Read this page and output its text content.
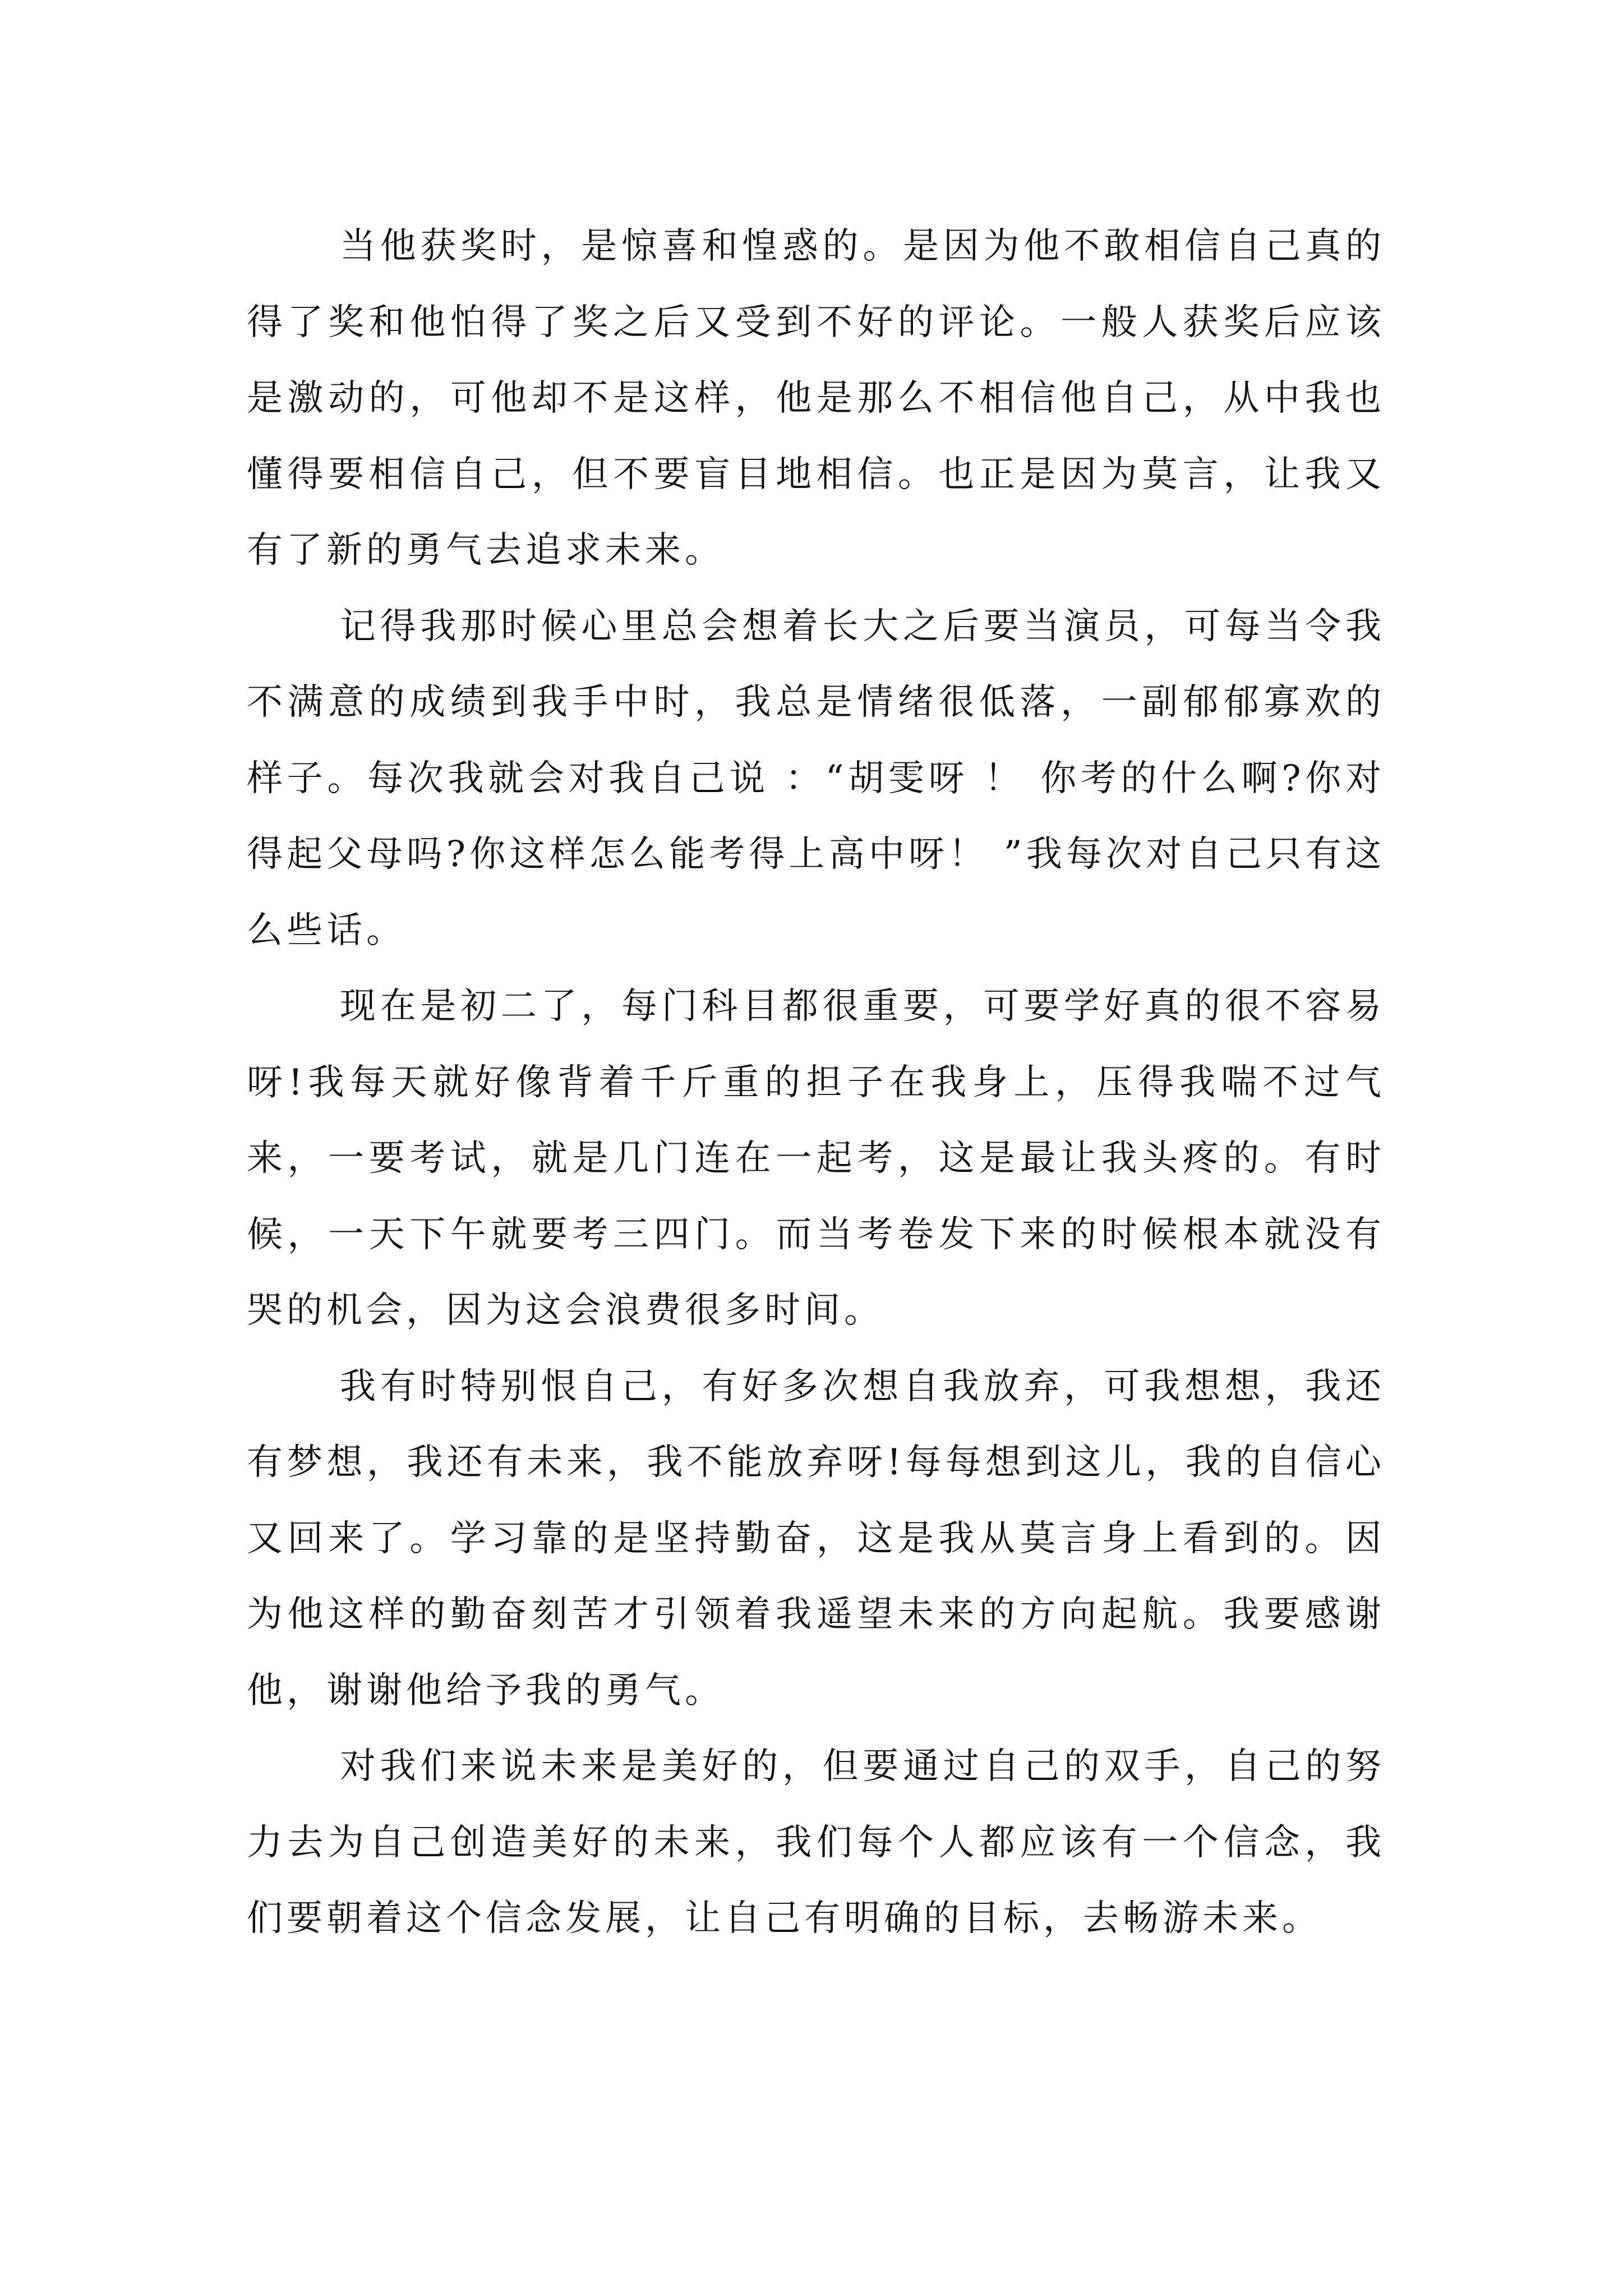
当他获奖时，是惊喜和惶惑的。是因为他不敢相信自己真的得了奖和他怕得了奖之后又受到不好的评论。一般人获奖后应该是激动的，可他却不是这样，他是那么不相信他自己，从中我也懂得要相信自己，但不要盲目地相信。也正是因为莫言，让我又有了新的勇气去追求未来。

记得我那时候心里总会想着长大之后要当演员，可每当令我不满意的成绩到我手中时，我总是情绪很低落，一副郁郁寡欢的样子。每次我就会对我自己说 ：“胡雯呀 ！ 你考的什么啊?你对得起父母吗?你这样怎么能考得上高中呀！ ”我每次对自己只有这么些话。

现在是初二了，每门科目都很重要，可要学好真的很不容易呀!我每天就好像背着千斤重的担子在我身上，压得我喘不过气来，一要考试，就是几门连在一起考，这是最让我头疼的。有时候，一天下午就要考三四门。而当考卷发下来的时候根本就没有哭的机会，因为这会浪费很多时间。

我有时特别恨自己，有好多次想自我放弃，可我想想，我还有梦想，我还有未来，我不能放弃呀!每每想到这儿，我的自信心又回来了。学习靠的是坚持勤奋，这是我从莫言身上看到的。因为他这样的勤奋刻苦才引领着我遥望未来的方向起航。我要感谢他，谢谢他给予我的勇气。

对我们来说未来是美好的，但要通过自己的双手，自己的努力去为自己创造美好的未来，我们每个人都应该有一个信念，我们要朝着这个信念发展，让自己有明确的目标，去畅游未来。
